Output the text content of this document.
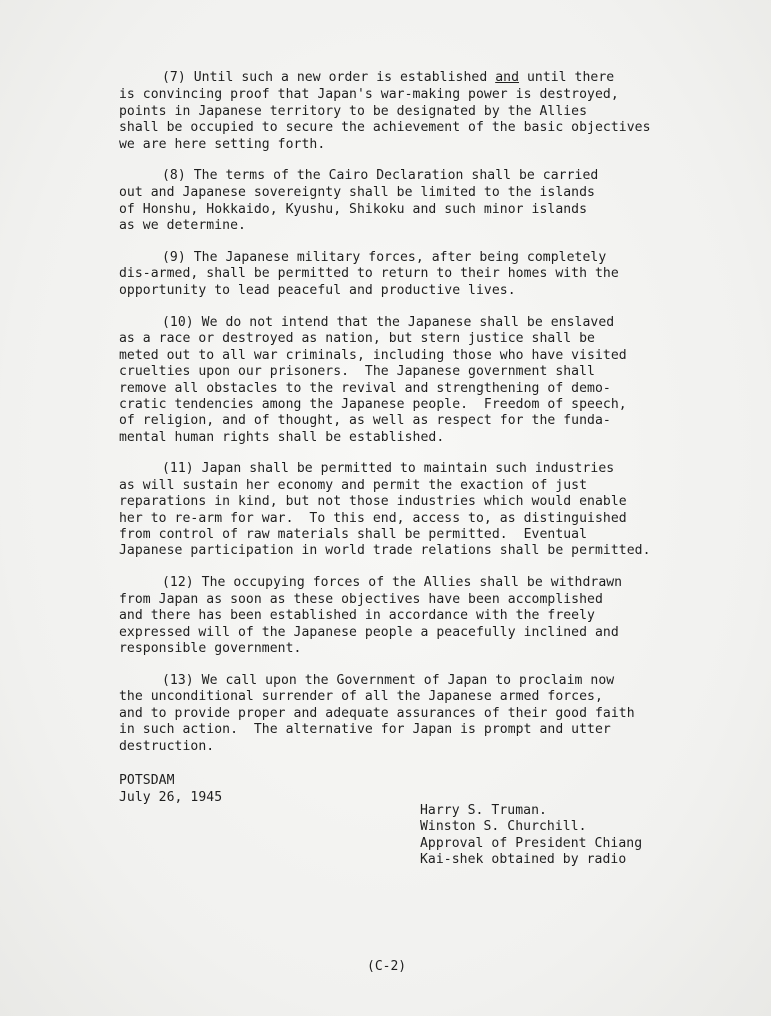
(7) Until such a new order is established and until there
is convincing proof that Japan's war-making power is destroyed,
points in Japanese territory to be designated by the Allies
shall be occupied to secure the achievement of the basic objectives
we are here setting forth.
(8) The terms of the Cairo Declaration shall be carried
out and Japanese sovereignty shall be limited to the islands
of Honshu, Hokkaido, Kyushu, Shikoku and such minor islands
as we determine.
(9) The Japanese military forces, after being completely
dis-armed, shall be permitted to return to their homes with the
opportunity to lead peaceful and productive lives.
(10) We do not intend that the Japanese shall be enslaved
as a race or destroyed as nation, but stern justice shall be
meted out to all war criminals, including those who have visited
cruelties upon our prisoners.  The Japanese government shall
remove all obstacles to the revival and strengthening of demo-
cratic tendencies among the Japanese people.  Freedom of speech,
of religion, and of thought, as well as respect for the funda-
mental human rights shall be established.
(11) Japan shall be permitted to maintain such industries
as will sustain her economy and permit the exaction of just
reparations in kind, but not those industries which would enable
her to re-arm for war.  To this end, access to, as distinguished
from control of raw materials shall be permitted.  Eventual
Japanese participation in world trade relations shall be permitted.
(12) The occupying forces of the Allies shall be withdrawn
from Japan as soon as these objectives have been accomplished
and there has been established in accordance with the freely
expressed will of the Japanese people a peacefully inclined and
responsible government.
(13) We call upon the Government of Japan to proclaim now
the unconditional surrender of all the Japanese armed forces,
and to provide proper and adequate assurances of their good faith
in such action.  The alternative for Japan is prompt and utter
destruction.
POTSDAM
July 26, 1945
Harry S. Truman.
Winston S. Churchill.
Approval of President Chiang
Kai-shek obtained by radio
(C-2)
